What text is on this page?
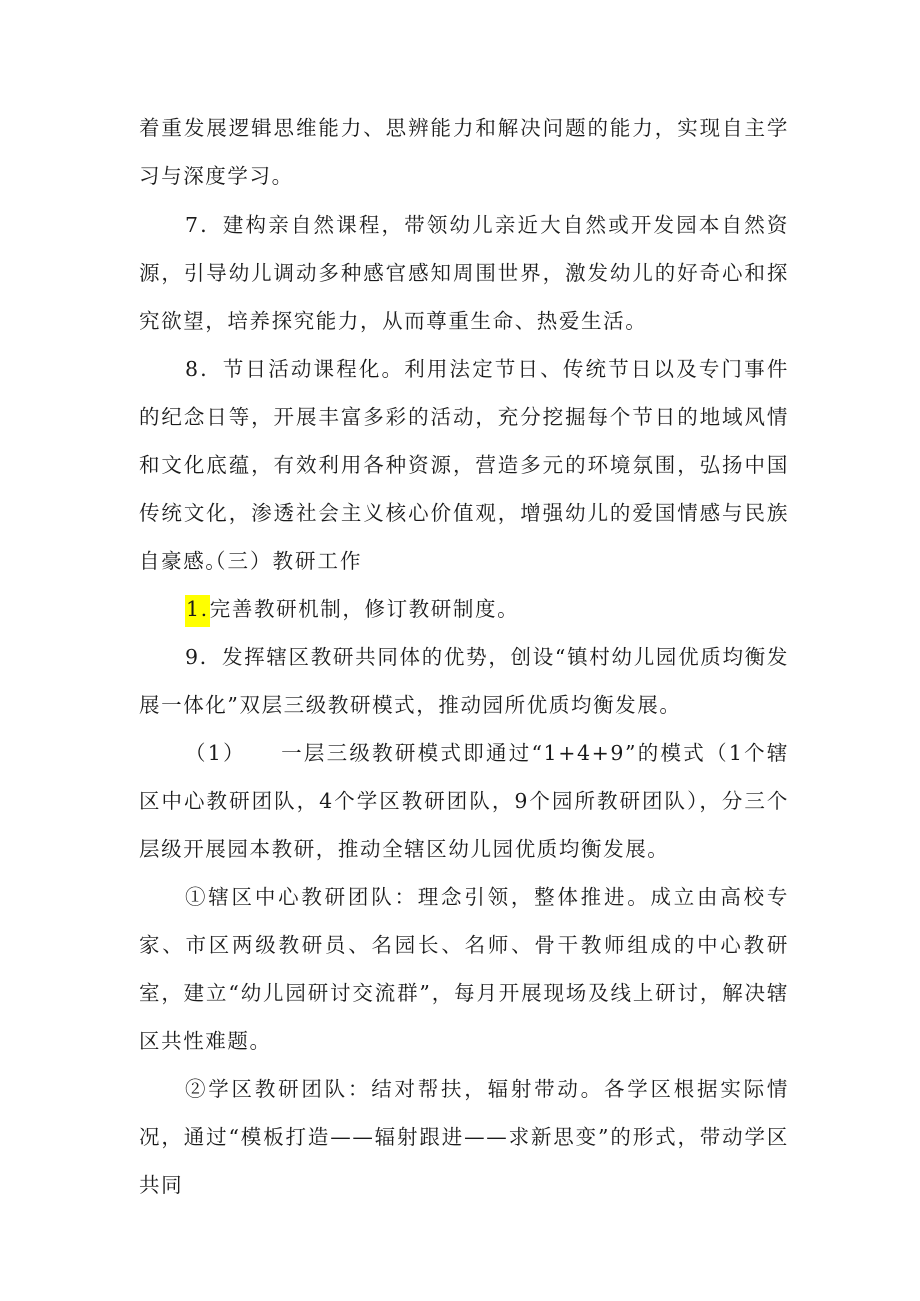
着重发展逻辑思维能力、思辨能力和解决问题的能力，实现自主学习与深度学习。

7．建构亲自然课程，带领幼儿亲近大自然或开发园本自然资源，引导幼儿调动多种感官感知周围世界，激发幼儿的好奇心和探究欲望，培养探究能力，从而尊重生命、热爱生活。

8．节日活动课程化。利用法定节日、传统节日以及专门事件的纪念日等，开展丰富多彩的活动，充分挖掘每个节日的地域风情和文化底蕴，有效利用各种资源，营造多元的环境氛围，弘扬中国传统文化，渗透社会主义核心价值观，增强幼儿的爱国情感与民族自豪感。

（三）教研工作

1.完善教研机制，修订教研制度。

9．发挥辖区教研共同体的优势，创设“镇村幼儿园优质均衡发展一体化”双层三级教研模式，推动园所优质均衡发展。

（1）　　一层三级教研模式即通过“1+4+9”的模式（1个辖区中心教研团队，4个学区教研团队，9个园所教研团队），分三个层级开展园本教研，推动全辖区幼儿园优质均衡发展。

①辖区中心教研团队：理念引领，整体推进。成立由高校专家、市区两级教研员、名园长、名师、骨干教师组成的中心教研室，建立“幼儿园研讨交流群”，每月开展现场及线上研讨，解决辖区共性难题。

②学区教研团队：结对帮扶，辐射带动。各学区根据实际情况，通过“模板打造——辐射跟进——求新思变”的形式，带动学区共同
